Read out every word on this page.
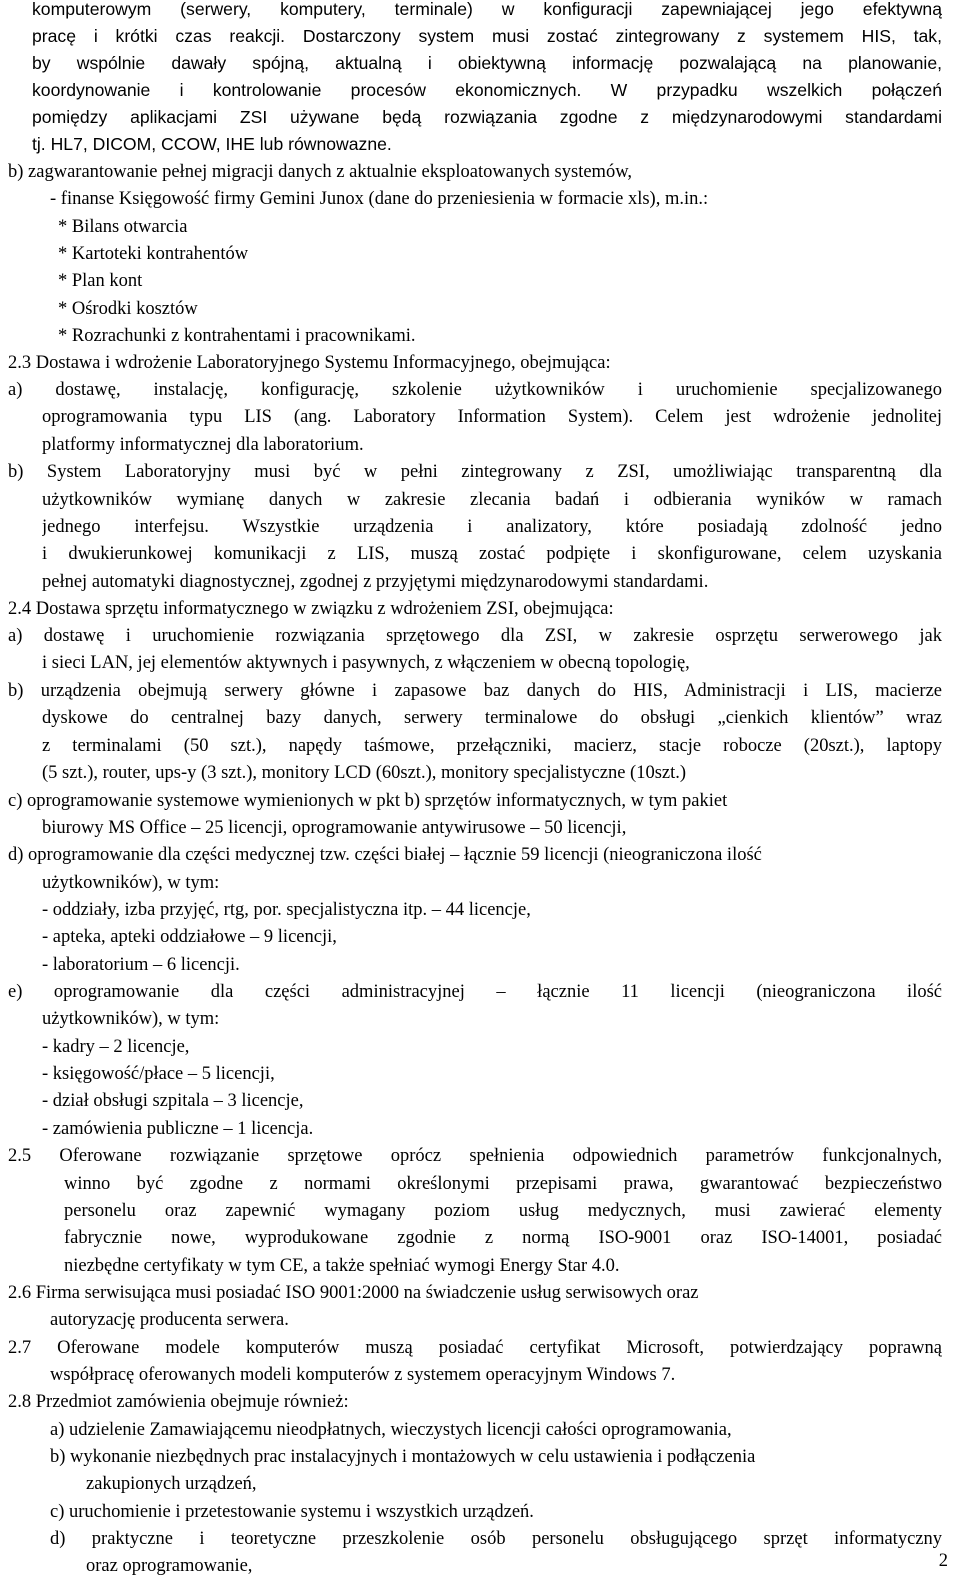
komputerowym (serwery, komputery, terminale) w konfiguracji zapewniającej jego efektywną
pracę i krótki czas reakcji. Dostarczony system musi zostać zintegrowany z systemem HIS, tak,
by wspólnie dawały spójną, aktualną i obiektywną informację pozwalającą na planowanie,
koordynowanie i kontrolowanie procesów ekonomicznych. W przypadku wszelkich połączeń
pomiędzy aplikacjami ZSI używane będą rozwiązania zgodne z międzynarodowymi standardami
tj. HL7, DICOM, CCOW, IHE lub równowazne.
b) zagwarantowanie pełnej migracji danych z aktualnie eksploatowanych systemów,
- finanse Księgowość firmy Gemini Junox (dane do przeniesienia w formacie xls), m.in.:
* Bilans otwarcia
* Kartoteki kontrahentów
* Plan kont
* Ośrodki kosztów
* Rozrachunki z kontrahentami i pracownikami.
2.3 Dostawa i wdrożenie Laboratoryjnego Systemu Informacyjnego, obejmująca:
a) dostawę, instalację, konfigurację, szkolenie użytkowników i uruchomienie specjalizowanego
oprogramowania typu LIS (ang. Laboratory Information System). Celem jest wdrożenie jednolitej
platformy informatycznej dla laboratorium.
b) System Laboratoryjny musi być w pełni zintegrowany z ZSI, umożliwiając transparentną dla
użytkowników wymianę danych w zakresie zlecania badań i odbierania wyników w ramach
jednego interfejsu. Wszystkie urządzenia i analizatory, które posiadają zdolność jedno
i dwukierunkowej komunikacji z LIS, muszą zostać podpięte i skonfigurowane, celem uzyskania
pełnej automatyki diagnostycznej, zgodnej z przyjętymi międzynarodowymi standardami.
2.4 Dostawa sprzętu informatycznego w związku z wdrożeniem ZSI, obejmująca:
a) dostawę i uruchomienie rozwiązania sprzętowego dla ZSI, w zakresie osprzętu serwerowego jak
i sieci LAN, jej elementów aktywnych i pasywnych, z włączeniem w obecną topologię,
b) urządzenia obejmują serwery główne i zapasowe baz danych do HIS, Administracji i LIS, macierze
dyskowe do centralnej bazy danych, serwery terminalowe do obsługi „cienkich klientów” wraz
z terminalami (50 szt.), napędy taśmowe, przełączniki, macierz, stacje robocze (20szt.), laptopy
(5 szt.), router, ups-y (3 szt.), monitory LCD (60szt.), monitory specjalistyczne (10szt.)
c) oprogramowanie systemowe wymienionych w pkt b) sprzętów informatycznych, w tym pakiet
biurowy MS Office – 25 licencji, oprogramowanie antywirusowe – 50 licencji,
d) oprogramowanie dla części medycznej tzw. części białej – łącznie 59 licencji (nieograniczona ilość
użytkowników), w tym:
- oddziały, izba przyjęć, rtg, por. specjalistyczna itp. – 44 licencje,
- apteka, apteki oddziałowe – 9 licencji,
- laboratorium – 6 licencji.
e) oprogramowanie dla części administracyjnej – łącznie 11 licencji (nieograniczona ilość
użytkowników), w tym:
- kadry – 2 licencje,
- księgowość/płace – 5 licencji,
- dział obsługi szpitala – 3 licencje,
- zamówienia publiczne – 1 licencja.
2.5 Oferowane rozwiązanie sprzętowe oprócz spełnienia odpowiednich parametrów funkcjonalnych,
winno być zgodne z normami określonymi przepisami prawa, gwarantować bezpieczeństwo
personelu oraz zapewnić wymagany poziom usług medycznych, musi zawierać elementy
fabrycznie nowe, wyprodukowane zgodnie z normą ISO-9001 oraz ISO-14001, posiadać
niezbędne certyfikaty w tym CE, a także spełniać wymogi Energy Star 4.0.
2.6 Firma serwisująca musi posiadać ISO 9001:2000 na świadczenie usług serwisowych oraz
autoryzację producenta serwera.
2.7 Oferowane modele komputerów muszą posiadać certyfikat Microsoft, potwierdzający poprawną
współpracę oferowanych modeli komputerów z systemem operacyjnym Windows 7.
2.8 Przedmiot zamówienia obejmuje również:
a) udzielenie Zamawiającemu nieodpłatnych, wieczystych licencji całości oprogramowania,
b) wykonanie niezbędnych prac instalacyjnych i montażowych w celu ustawienia i podłączenia
zakupionych urządzeń,
c) uruchomienie i przetestowanie systemu i wszystkich urządzeń.
d) praktyczne i teoretyczne przeszkolenie osób personelu obsługującego sprzęt informatyczny
oraz oprogramowanie,	2
